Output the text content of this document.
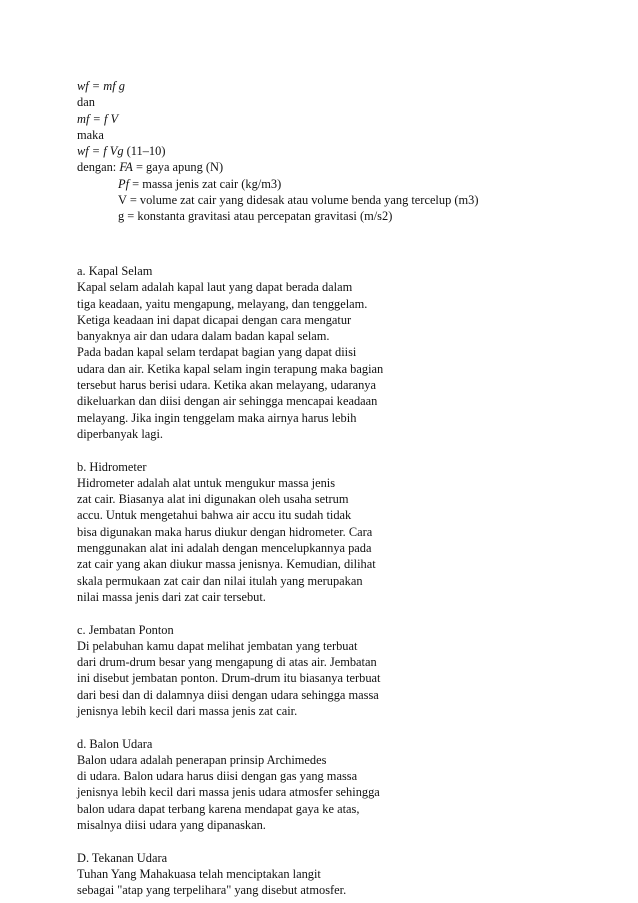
wf = mf g
dan
mf = f V
maka
wf = f Vg (11–10)
dengan: FA = gaya apung (N)
Pf = massa jenis zat cair (kg/m3)
V = volume zat cair yang didesak atau volume benda yang tercelup (m3)
g = konstanta gravitasi atau percepatan gravitasi (m/s2)
a. Kapal Selam
Kapal selam adalah kapal laut yang dapat berada dalam
tiga keadaan, yaitu mengapung, melayang, dan tenggelam.
Ketiga keadaan ini dapat dicapai dengan cara mengatur
banyaknya air dan udara dalam badan kapal selam.
Pada badan kapal selam terdapat bagian yang dapat diisi
udara dan air. Ketika kapal selam ingin terapung maka bagian
tersebut harus berisi udara. Ketika akan melayang, udaranya
dikeluarkan dan diisi dengan air sehingga mencapai keadaan
melayang. Jika ingin tenggelam maka airnya harus lebih
diperbanyak lagi.
b. Hidrometer
Hidrometer adalah alat untuk mengukur massa jenis
zat cair. Biasanya alat ini digunakan oleh usaha setrum
accu. Untuk mengetahui bahwa air accu itu sudah tidak
bisa digunakan maka harus diukur dengan hidrometer. Cara
menggunakan alat ini adalah dengan mencelupkannya pada
zat cair yang akan diukur massa jenisnya. Kemudian, dilihat
skala permukaan zat cair dan nilai itulah yang merupakan
nilai massa jenis dari zat cair tersebut.
c. Jembatan Ponton
Di pelabuhan kamu dapat melihat jembatan yang terbuat
dari drum-drum besar yang mengapung di atas air. Jembatan
ini disebut jembatan ponton. Drum-drum itu biasanya terbuat
dari besi dan di dalamnya diisi dengan udara sehingga massa
jenisnya lebih kecil dari massa jenis zat cair.
d. Balon Udara
Balon udara adalah penerapan prinsip Archimedes
di udara. Balon udara harus diisi dengan gas yang massa
jenisnya lebih kecil dari massa jenis udara atmosfer sehingga
balon udara dapat terbang karena mendapat gaya ke atas,
misalnya diisi udara yang dipanaskan.
D. Tekanan Udara
Tuhan Yang Mahakuasa telah menciptakan langit
sebagai "atap yang terpelihara" yang disebut atmosfer.
